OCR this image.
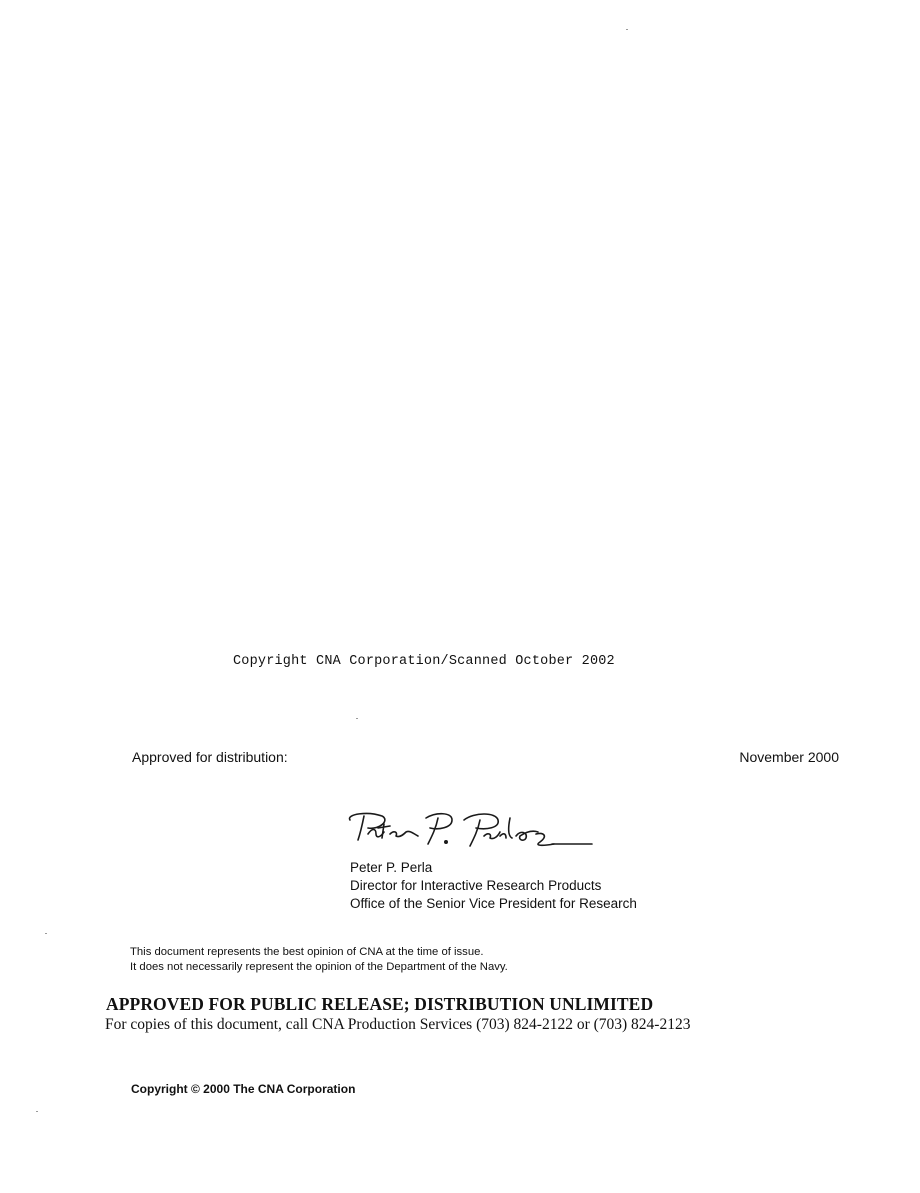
Copyright CNA Corporation/Scanned October 2002
Approved for distribution:	November 2000
Peter P. Perla
Director for Interactive Research Products
Office of the Senior Vice President for Research
This document represents the best opinion of CNA at the time of issue.
It does not necessarily represent the opinion of the Department of the Navy.
APPROVED FOR PUBLIC RELEASE; DISTRIBUTION UNLIMITED
For copies of this document, call CNA Production Services (703) 824-2122 or (703) 824-2123
Copyright © 2000 The CNA Corporation
